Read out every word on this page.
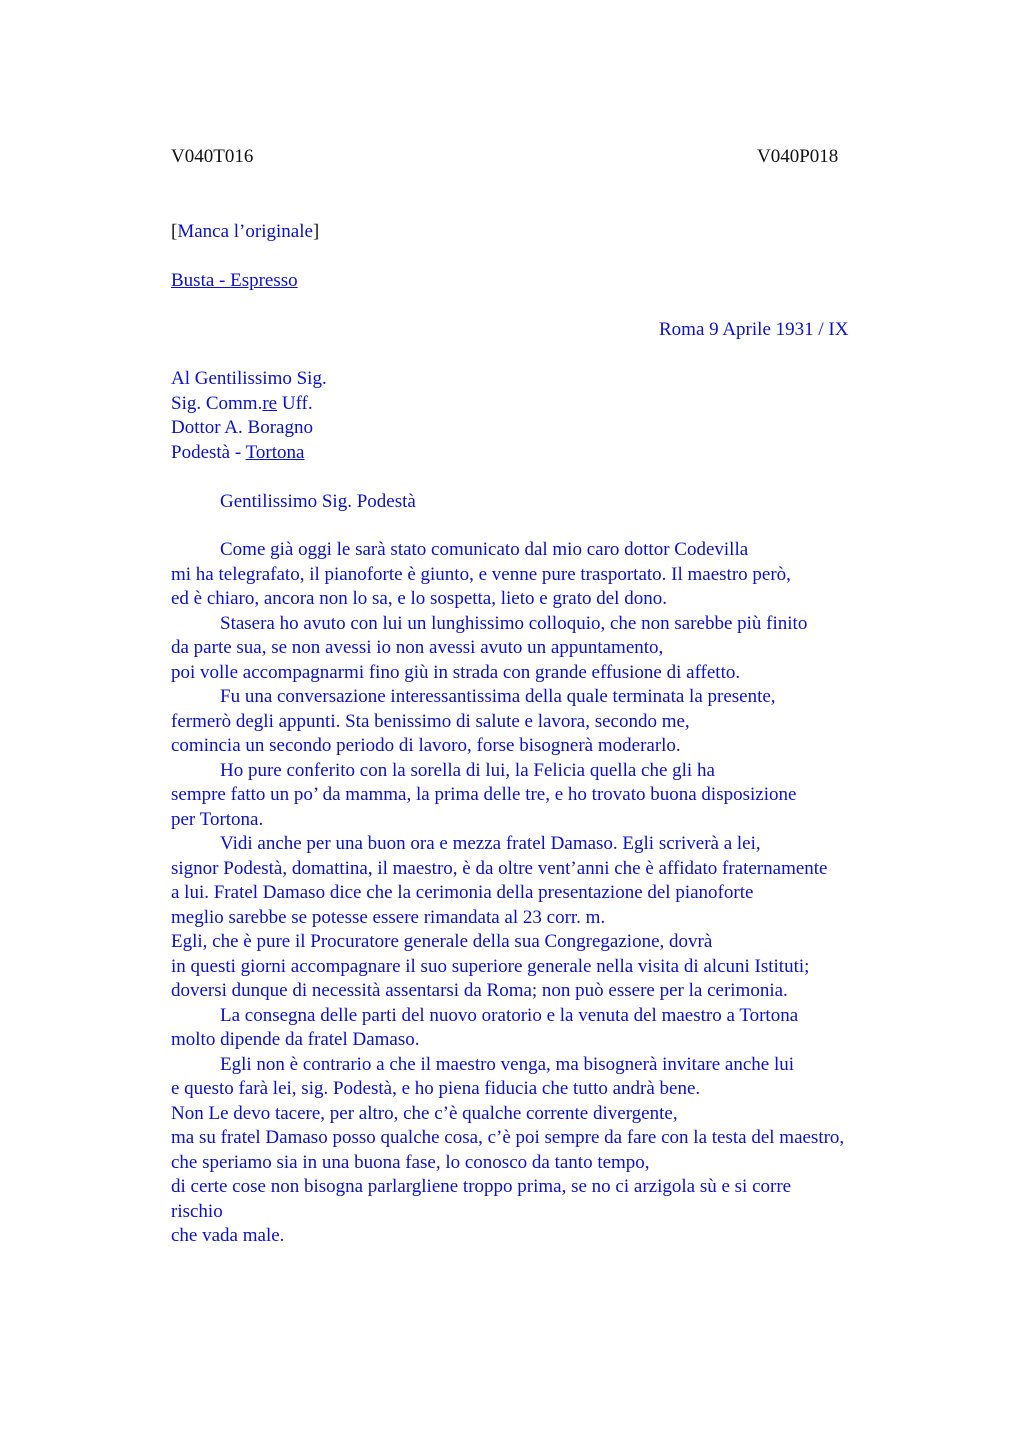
V040T016	V040P018
[Manca l’originale]
Busta - Espresso
Roma 9 Aprile 1931 / IX
Al Gentilissimo Sig.
Sig. Comm.re Uff.
Dottor A. Boragno
Podestà - Tortona
Gentilissimo Sig. Podestà
Come già oggi le sarà stato comunicato dal mio caro dottor Codevilla
mi ha telegrafato, il pianoforte è giunto, e venne pure trasportato. Il maestro però,
ed è chiaro, ancora non lo sa, e lo sospetta, lieto e grato del dono.
Stasera ho avuto con lui un lunghissimo colloquio, che non sarebbe più finito
da parte sua, se non avessi io non avessi avuto un appuntamento,
poi volle accompagnarmi fino giù in strada con grande effusione di affetto.
Fu una conversazione interessantissima della quale terminata la presente,
fermerò degli appunti. Sta benissimo di salute e lavora, secondo me,
comincia un secondo periodo di lavoro, forse bisognerà moderarlo.
Ho pure conferito con la sorella di lui, la Felicia quella che gli ha
sempre fatto un po’ da mamma, la prima delle tre, e ho trovato buona disposizione
per Tortona.
Vidi anche per una buon ora e mezza fratel Damaso. Egli scriverà a lei,
signor Podestà, domattina, il maestro, è da oltre vent’anni che è affidato fraternamente
a lui. Fratel Damaso dice che la cerimonia della presentazione del pianoforte
meglio sarebbe se potesse essere rimandata al 23 corr. m.
Egli, che è pure il Procuratore generale della sua Congregazione, dovrà
in questi giorni accompagnare il suo superiore generale nella visita di alcuni Istituti;
doversi dunque di necessità assentarsi da Roma; non può essere per la cerimonia.
La consegna delle parti del nuovo oratorio e la venuta del maestro a Tortona
molto dipende da fratel Damaso.
Egli non è contrario a che il maestro venga, ma bisognerà invitare anche lui
e questo farà lei, sig. Podestà, e ho piena fiducia che tutto andrà bene.
Non Le devo tacere, per altro, che c’è qualche corrente divergente,
ma su fratel Damaso posso qualche cosa, c’è poi sempre da fare con la testa del maestro,
che speriamo sia in una buona fase, lo conosco da tanto tempo,
di certe cose non bisogna parlargliene troppo prima, se no ci arzigola sù e si corre
rischio
che vada male.
